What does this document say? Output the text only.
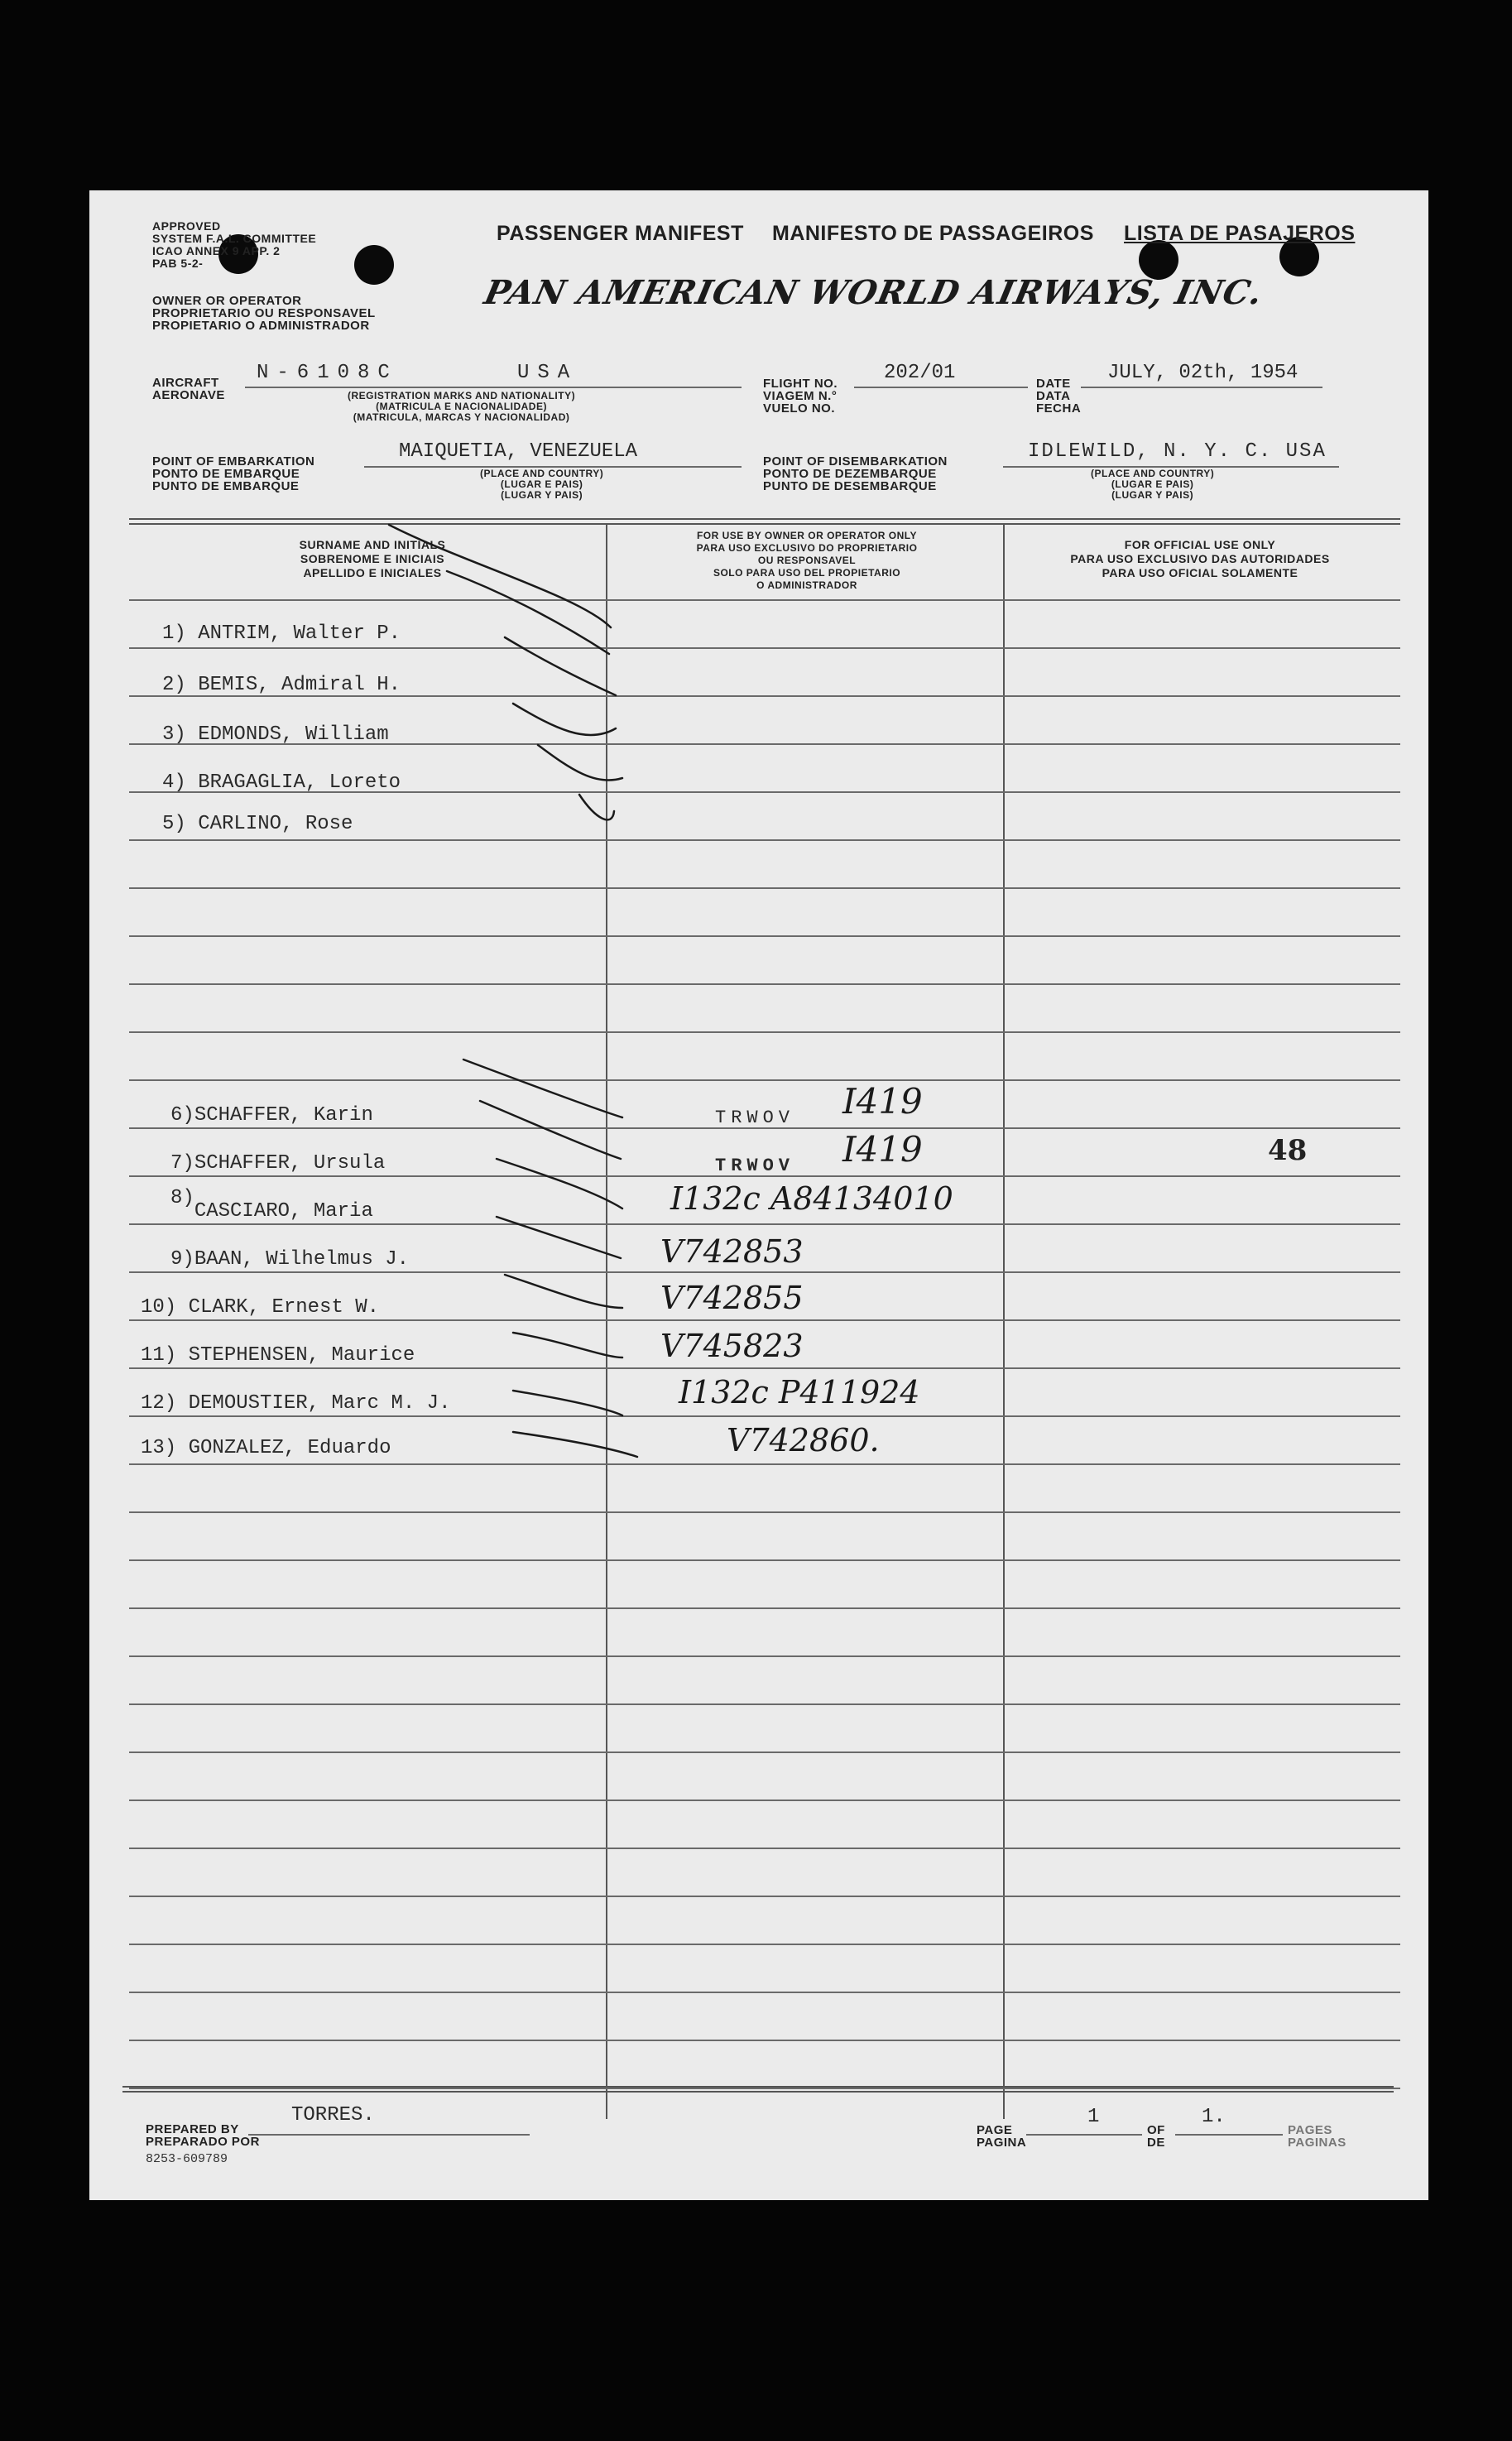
APPROVED
SYSTEM F.A.L. COMMITTEE
ICAO ANNEX 9 APP. 2
PAB 5-2-
OWNER OR OPERATOR
PROPRIETARIO OU RESPONSAVEL
PROPIETARIO O ADMINISTRADOR
PASSENGER MANIFEST MANIFESTO DE PASSAGEIROS LISTA DE PASAJEROS
PAN AMERICAN WORLD AIRWAYS, INC.
AIRCRAFT
AERONAVE
N-6108C	USA
(REGISTRATION MARKS AND NATIONALITY)
(MATRICULA E NACIONALIDADE)
(MATRICULA, MARCAS Y NACIONALIDAD)
FLIGHT NO.
VIAGEM N.°
VUELO NO.
202/01	DATE
DATA
FECHA
JULY, 02th, 1954
POINT OF EMBARKATION
PONTO DE EMBARQUE
PUNTO DE EMBARQUE
MAIQUETIA, VENEZUELA
(PLACE AND COUNTRY)
(LUGAR E PAIS)
(LUGAR Y PAIS)
POINT OF DISEMBARKATION
PONTO DE DEZEMBARQUE
PUNTO DE DESEMBARQUE
IDLEWILD, N. Y. C. USA
(PLACE AND COUNTRY)
(LUGAR E PAIS)
(LUGAR Y PAIS)
SURNAME AND INITIALS
SOBRENOME E INICIAIS
APELLIDO E INICIALES
FOR USE BY OWNER OR OPERATOR ONLY
PARA USO EXCLUSIVO DO PROPRIETARIO
OU RESPONSAVEL
SOLO PARA USO DEL PROPIETARIO
O ADMINISTRADOR
FOR OFFICIAL USE ONLY
PARA USO EXCLUSIVO DAS AUTORIDADES
PARA USO OFICIAL SOLAMENTE
1) ANTRIM, Walter P.
2) BEMIS, Admiral H.
3) EDMONDS, William
4) BRAGAGLIA, Loreto
5) CARLINO, Rose
6)SCHAFFER, Karin
7)SCHAFFER, Ursula
8)CASCIARO, Maria
9)BAAN, Wilhelmus J.
10) CLARK, Ernest W.
11) STEPHENSEN, Maurice
12) DEMOUSTIER, Marc M. J.
13) GONZALEZ, Eduardo
TRWOV I419
TRWOV I419
I132c A84134010
V742853
V742855
V745823
I132c P411924
V742860.
48
PREPARED BY
PREPARADO POR
TORRES.
8253-609789
PAGE
PAGINA
1
OF
DE
1.
PAGES
PAGINAS
